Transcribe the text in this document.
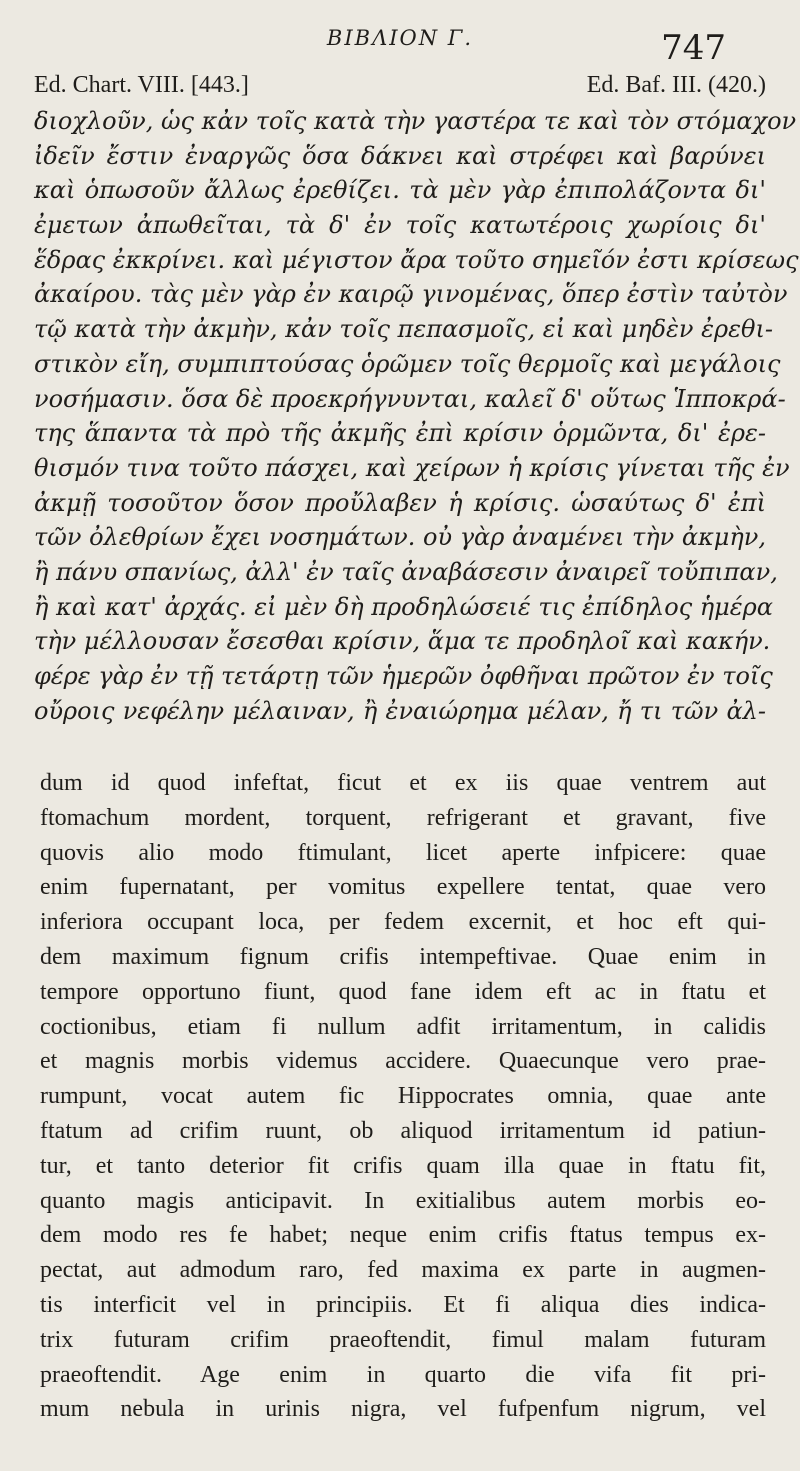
ΒΙΒΛΙΟΝ Γ.	747
Ed. Chart. VIII. [443.]	Ed. Baf. III. (420.)
διοχλοῦν, ὡς κἀν τοῖς κατὰ τὴν γαστέρα τε καὶ τὸν στόμαχον
ἰδεῖν ἔστιν ἐναργῶς ὅσα δάκνει καὶ στρέφει καὶ βαρύνει
καὶ ὁπωσοῦν ἄλλως ἐρεθίζει. τὰ μὲν γὰρ ἐπιπολάζοντα δι'
ἐμετων ἀπωθεῖται, τὰ δ' ἐν τοῖς κατωτέροις χωρίοις δι'
ἕδρας ἐκκρίνει. καὶ μέγιστον ἄρα τοῦτο σημεῖόν ἐστι κρίσεως
ἀκαίρου. τὰς μὲν γὰρ ἐν καιρῷ γινομένας, ὅπερ ἐστὶν ταὐτὸν
τῷ κατὰ τὴν ἀκμὴν, κἀν τοῖς πεπασμοῖς, εἰ καὶ μηδὲν ἐρεθι-
στικὸν εἴη, συμπιπτούσας ὁρῶμεν τοῖς θερμοῖς καὶ μεγάλοις
νοσήμασιν. ὅσα δὲ προεκρήγνυνται, καλεῖ δ' οὕτως Ἱπποκρά-
της ἅπαντα τὰ πρὸ τῆς ἀκμῆς ἐπὶ κρίσιν ὁρμῶντα, δι' ἐρε-
θισμόν τινα τοῦτο πάσχει, καὶ χείρων ἡ κρίσις γίνεται τῆς ἐν
ἀκμῇ τοσοῦτον ὅσον προὔλαβεν ἡ κρίσις. ὡσαύτως δ' ἐπὶ
τῶν ὀλεθρίων ἔχει νοσημάτων. οὐ γὰρ ἀναμένει τὴν ἀκμὴν,
ἢ πάνυ σπανίως, ἀλλ' ἐν ταῖς ἀναβάσεσιν ἀναιρεῖ τοὔπιπαν,
ἢ καὶ κατ' ἀρχάς. εἰ μὲν δὴ προδηλώσειέ τις ἐπίδηλος ἡμέρα
τὴν μέλλουσαν ἔσεσθαι κρίσιν, ἅμα τε προδηλοῖ καὶ κακήν.
φέρε γὰρ ἐν τῇ τετάρτῃ τῶν ἡμερῶν ὀφθῆναι πρῶτον ἐν τοῖς
οὔροις νεφέλην μέλαιναν, ἢ ἐναιώρημα μέλαν, ἤ τι τῶν ἀλ-
dum id quod infeftat, ficut et ex iis quae ventrem aut
ftomachum mordent, torquent, refrigerant et gravant, five
quovis alio modo ftimulant, licet aperte infpicere: quae
enim fupernatant, per vomitus expellere tentat, quae vero
inferiora occupant loca, per fedem excernit, et hoc eft qui-
dem maximum fignum crifis intempeftivae. Quae enim in
tempore opportuno fiunt, quod fane idem eft ac in ftatu et
coctionibus, etiam fi nullum adfit irritamentum, in calidis
et magnis morbis videmus accidere. Quaecunque vero prae-
rumpunt, vocat autem fic Hippocrates omnia, quae ante
ftatum ad crifim ruunt, ob aliquod irritamentum id patiun-
tur, et tanto deterior fit crifis quam illa quae in ftatu fit,
quanto magis anticipavit. In exitialibus autem morbis eo-
dem modo res fe habet; neque enim crifis ftatus tempus ex-
pectat, aut admodum raro, fed maxima ex parte in augmen-
tis interficit vel in principiis. Et fi aliqua dies indica-
trix futuram crifim praeoftendit, fimul malam futuram
praeoftendit. Age enim in quarto die vifa fit pri-
mum nebula in urinis nigra, vel fufpenfum nigrum, vel
